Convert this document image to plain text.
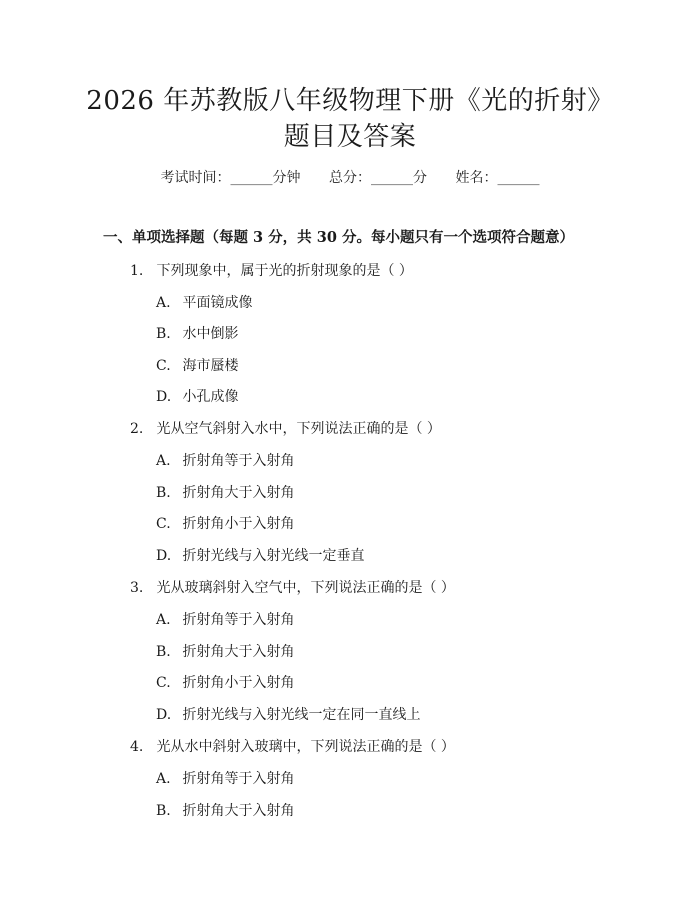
2026 年苏教版八年级物理下册《光的折射》
题目及答案
考试时间：______分钟 总分：______分 姓名：______
一、单项选择题（每题 3 分，共 30 分。每小题只有一个选项符合题意）
1. 下列现象中，属于光的折射现象的是（ ）
A. 平面镜成像
B. 水中倒影
C. 海市蜃楼
D. 小孔成像
2. 光从空气斜射入水中，下列说法正确的是（ ）
A. 折射角等于入射角
B. 折射角大于入射角
C. 折射角小于入射角
D. 折射光线与入射光线一定垂直
3. 光从玻璃斜射入空气中，下列说法正确的是（ ）
A. 折射角等于入射角
B. 折射角大于入射角
C. 折射角小于入射角
D. 折射光线与入射光线一定在同一直线上
4. 光从水中斜射入玻璃中，下列说法正确的是（ ）
A. 折射角等于入射角
B. 折射角大于入射角
